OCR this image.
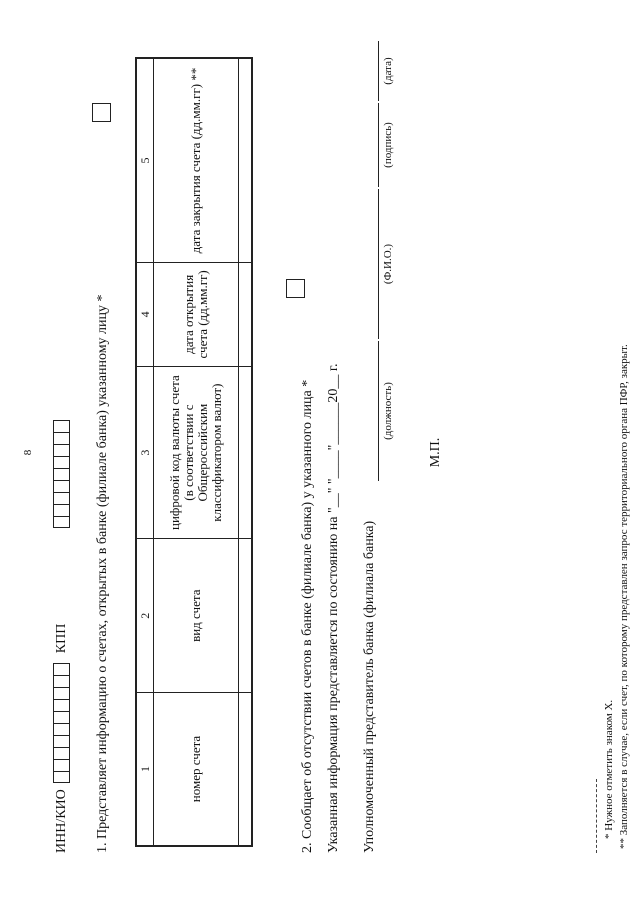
8
ИНН/КИО
КПП 1. Представляет информацию о счетах, открытых в банке (филиале банка) указанному лицу * 1	2	3	4	5
номер счета	вид счета	цифровой код валюты счета (в соответствии с Общероссийским классификатором валют)	дата открытия счета (дд.мм.гг)	дата закрытия счета (дд.мм.гг) **

2. Сообщает об отсутствии счетов в банке (филиале банка) у указанного лица * Указанная информация представляется по состоянию на "__" "____"______20__ г. Уполномоченный представитель банка (филиала банка)
(должность)
(Ф.И.О.)
(подпись)
(дата)
М.П.
* Нужное отметить знаком Х. ** Заполняется в случае, если счет, по которому представлен запрос территориального органа ПФР, закрыт.
